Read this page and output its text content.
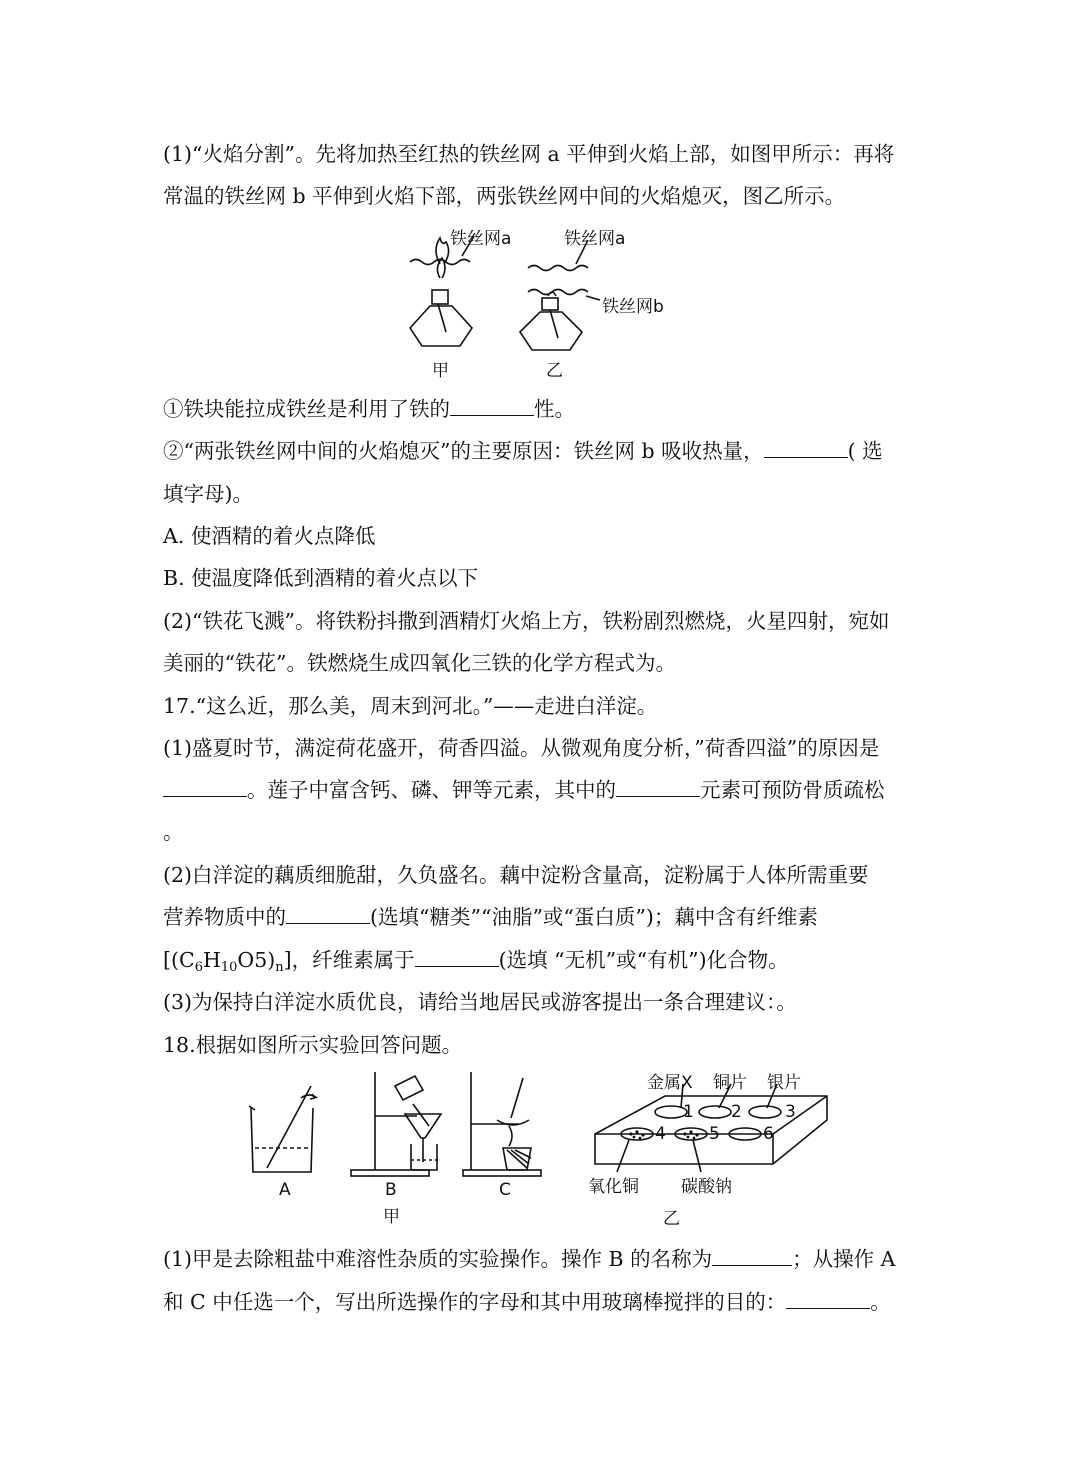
(1)“火焰分割”。先将加热至红热的铁丝网 a 平伸到火焰上部，如图甲所示：再将
常温的铁丝网 b 平伸到火焰下部，两张铁丝网中间的火焰熄灭，图乙所示。
铁丝网a	铁丝网a
铁丝网b
甲	乙
①铁块能拉成铁丝是利用了铁的	性。
②“两张铁丝网中间的火焰熄灭”的主要原因：铁丝网 b 吸收热量，	( 选
填字母)。
A. 使酒精的着火点降低
B. 使温度降低到酒精的着火点以下
(2)“铁花飞溅”。将铁粉抖撒到酒精灯火焰上方，铁粉剧烈燃烧，火星四射，宛如
美丽的“铁花”。铁燃烧生成四氧化三铁的化学方程式为。
17.“这么近，那么美，周末到河北。”——走进白洋淀。
(1)盛夏时节，满淀荷花盛开，荷香四溢。从微观角度分析，”荷香四溢”的原因是
。莲子中富含钙、磷、钾等元素，其中的	元素可预防骨质疏松
。
(2)白洋淀的藕质细脆甜，久负盛名。藕中淀粉含量高，淀粉属于人体所需重要
营养物质中的	(选填“糖类”“油脂”或“蛋白质”)；藕中含有纤维素
$[(C_6H_{10}O5)_n]$，纤维素属于	(选填 “无机”或“有机”)化合物。
(3)为保持白洋淀水质优良，请给当地居民或游客提出一条合理建议：。
18.根据如图所示实验回答问题。
A	B	C
甲	乙
金属X 铜片 银片
氧化铜 碳酸钠
1 2	3
4	5	6
(1)甲是去除粗盐中难溶性杂质的实验操作。操作 B 的名称为	；从操作 A
和 C 中任选一个，写出所选操作的字母和其中用玻璃棒搅拌的目的：	。
